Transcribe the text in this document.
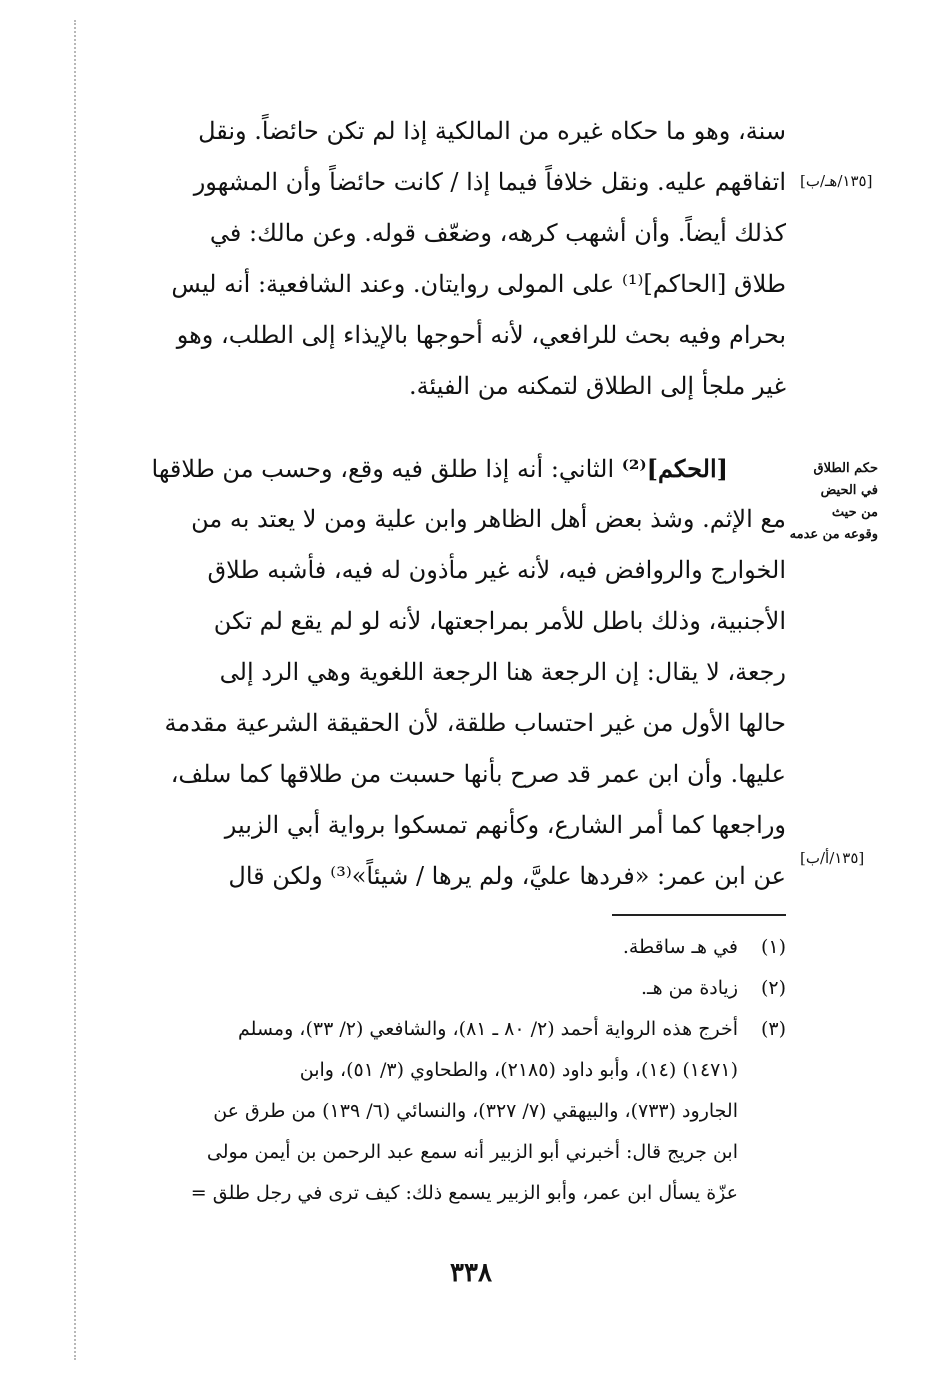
سنة، وهو ما حكاه غيره من المالكية إذا لم تكن حائضاً. ونقل
اتفاقهم عليه. ونقل خلافاً فيما إذا / كانت حائضاً وأن المشهور
كذلك أيضاً. وأن أشهب كرهه، وضعّف قوله. وعن مالك: في
طلاق [الحاكم]⁽¹⁾ على المولى روايتان. وعند الشافعية: أنه ليس
بحرام وفيه بحث للرافعي، لأنه أحوجها بالإيذاء إلى الطلب، وهو
غير ملجأ إلى الطلاق لتمكنه من الفيئة.
[١٣٥/هـ/ب]
حكم الطلاق
في الحيض
من حيث
وقوعه من عدمه
[الحكم]⁽²⁾ الثاني: أنه إذا طلق فيه وقع، وحسب من طلاقها
مع الإثم. وشذ بعض أهل الظاهر وابن علية ومن لا يعتد به من
الخوارج والروافض فيه، لأنه غير مأذون له فيه، فأشبه طلاق
الأجنبية، وذلك باطل للأمر بمراجعتها، لأنه لو لم يقع لم تكن
رجعة، لا يقال: إن الرجعة هنا الرجعة اللغوية وهي الرد إلى
حالها الأول من غير احتساب طلقة، لأن الحقيقة الشرعية مقدمة
عليها. وأن ابن عمر قد صرح بأنها حسبت من طلاقها كما سلف،
وراجعها كما أمر الشارع، وكأنهم تمسكوا برواية أبي الزبير
عن ابن عمر: «فردها عليَّ، ولم يرها / شيئاً»⁽³⁾ ولكن قال
[١٣٥/أ/ب]
(١)
في هـ ساقطة.
(٢)
زيادة من هـ.
(٣)
أخرج هذه الرواية أحمد (٢/ ٨٠ ـ ٨١)، والشافعي (٢/ ٣٣)، ومسلم
(١٤٧١) (١٤)، وأبو داود (٢١٨٥)، والطحاوي (٣/ ٥١)، وابن
الجارود (٧٣٣)، والبيهقي (٧/ ٣٢٧)، والنسائي (٦/ ١٣٩) من طرق عن
ابن جريج قال: أخبرني أبو الزبير أنه سمع عبد الرحمن بن أيمن مولى
عزّة يسأل ابن عمر، وأبو الزبير يسمع ذلك: كيف ترى في رجل طلق =
٣٣٨
